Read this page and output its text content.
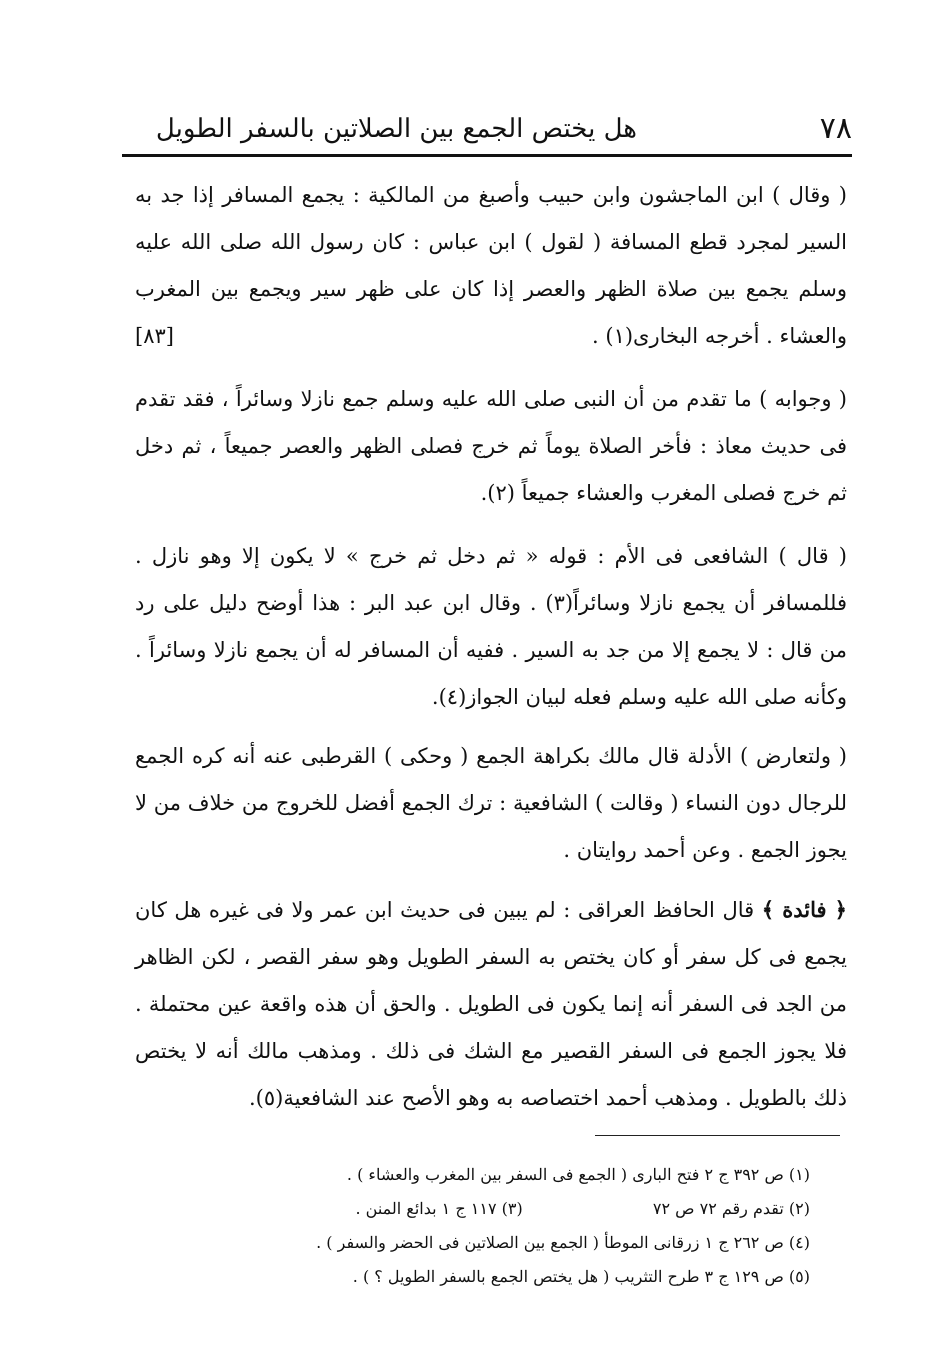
٧٨
هل يختص الجمع بين الصلاتين بالسفر الطويل

( وقال ) ابن الماجشون وابن حبيب وأصبغ من المالكية : يجمع المسافر إذا جد به السير لمجرد قطع المسافة ( لقول ) ابن عباس : كان رسول الله صلى الله عليه وسلم يجمع بين صلاة الظهر والعصر إذا كان على ظهر سير ويجمع بين المغرب والعشاء . أخرجه البخارى(١) .
[٨٣]

( وجوابه ) ما تقدم من أن النبى صلى الله عليه وسلم جمع نازلا وسائراً ، فقد تقدم فى حديث معاذ : فأخر الصلاة يوماً ثم خرج فصلى الظهر والعصر جميعاً ، ثم دخل ثم خرج فصلى المغرب والعشاء جميعاً (٢).

( قال ) الشافعى فى الأم : قوله « ثم دخل ثم خرج » لا يكون إلا وهو نازل . فللمسافر أن يجمع نازلا وسائراً(٣) . وقال ابن عبد البر : هذا أوضح دليل على رد من قال : لا يجمع إلا من جد به السير . ففيه أن المسافر له أن يجمع نازلا وسائراً . وكأنه صلى الله عليه وسلم فعله لبيان الجواز(٤).

( ولتعارض ) الأدلة قال مالك بكراهة الجمع ( وحكى ) القرطبى عنه أنه كره الجمع للرجال دون النساء ( وقالت ) الشافعية : ترك الجمع أفضل للخروج من خلاف من لا يجوز الجمع . وعن أحمد روايتان .

﴿ فائدة ﴾ قال الحافظ العراقى : لم يبين فى حديث ابن عمر ولا فى غيره هل كان يجمع فى كل سفر أو كان يختص به السفر الطويل وهو سفر القصر ، لكن الظاهر من الجد فى السفر أنه إنما يكون فى الطويل . والحق أن هذه واقعة عين محتملة . فلا يجوز الجمع فى السفر القصير مع الشك فى ذلك . ومذهب مالك أنه لا يختص ذلك بالطويل . ومذهب أحمد اختصاصه به وهو الأصح عند الشافعية(٥).

(١) ص ٣٩٢ ج ٢ فتح البارى ( الجمع فى السفر بين المغرب والعشاء ) .
(٢) تقدم رقم ٧٢ ص ٧٢  (٣) ١١٧ ج ١ بدائع المنن .
(٤) ص ٢٦٢ ج ١ زرقانى الموطأ ( الجمع بين الصلاتين فى الحضر والسفر ) .
(٥) ص ١٢٩ ج ٣ طرح التثريب ( هل يختص الجمع بالسفر الطويل ؟ ) .
